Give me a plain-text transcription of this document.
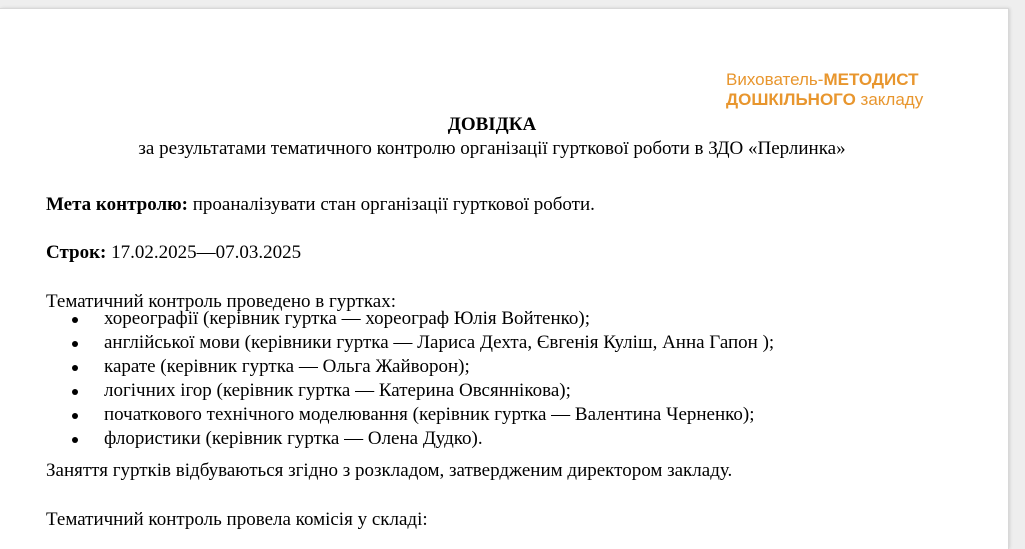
Вихователь-МЕТОДИСТ
ДОШКІЛЬНОГО закладу
ДОВІДКА
за результатами тематичного контролю організації гурткової роботи в ЗДО «Перлинка»
Мета контролю: проаналізувати стан організації гурткової роботи.
Строк: 17.02.2025—07.03.2025
Тематичний контроль проведено в гуртках:
хореографії (керівник гуртка — хореограф Юлія Войтенко);
англійської мови (керівники гуртка — Лариса Дехта, Євгенія Куліш, Анна Гапон );
карате (керівник гуртка — Ольга Жайворон);
логічних ігор (керівник гуртка — Катерина Овсяннікова);
початкового технічного моделювання (керівник гуртка — Валентина Черненко);
флористики (керівник гуртка — Олена Дудко).
Заняття гуртків відбуваються згідно з розкладом, затвердженим директором закладу.
Тематичний контроль провела комісія у складі:
